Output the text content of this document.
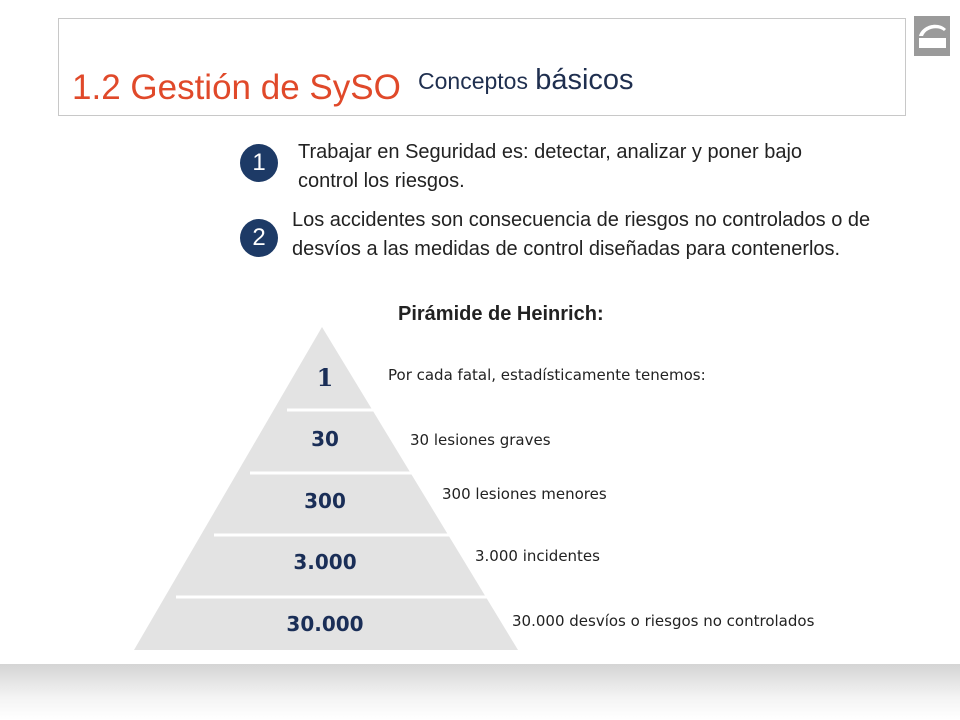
1.2 Gestión de SySO Conceptos básicos
1	Trabajar en Seguridad es: detectar, analizar y poner bajo control los riesgos.
2
Los accidentes son consecuencia de riesgos no controlados o de desvíos a las medidas de control diseñadas para contenerlos.
Pirámide de Heinrich:
1
30
300
3.000
30.000
Por cada fatal, estadísticamente tenemos:
30 lesiones graves
300 lesiones menores
3.000 incidentes
30.000 desvíos o riesgos no controlados
